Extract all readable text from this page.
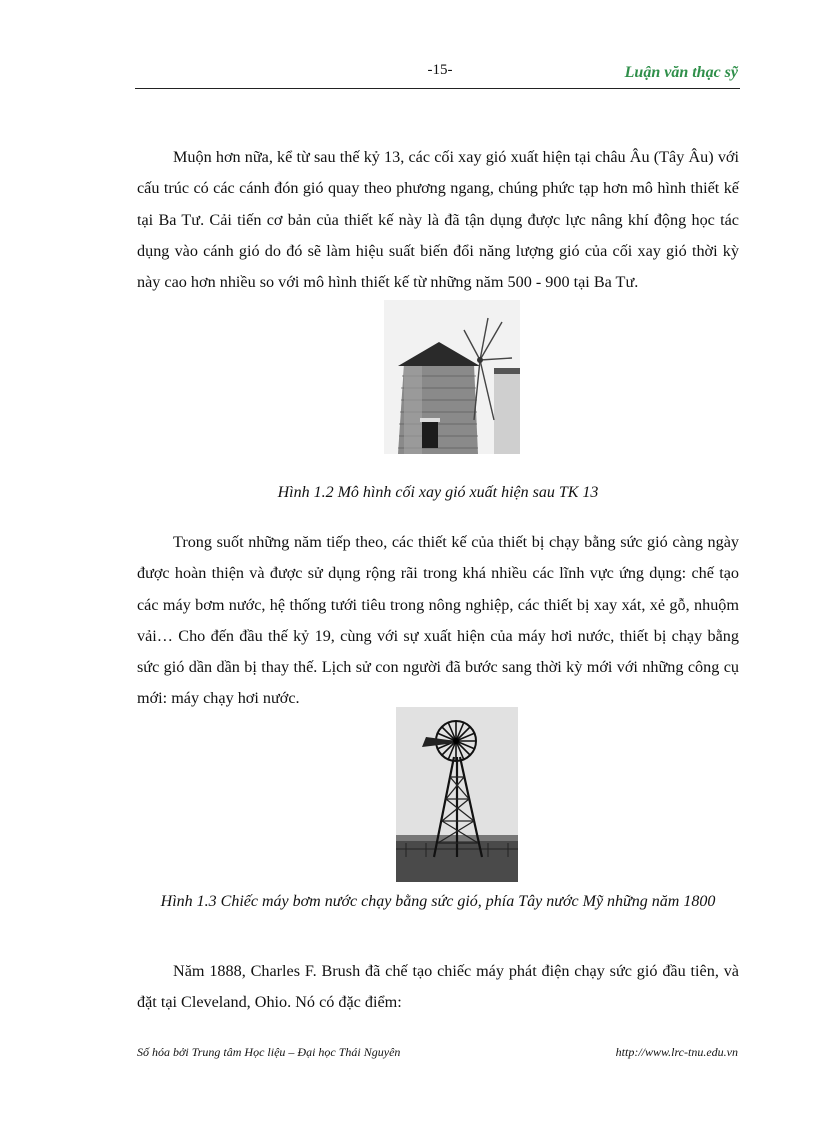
-15-	Luận văn thạc sỹ

Muộn hơn nữa, kể từ sau thế kỷ 13, các cối xay gió xuất hiện tại châu Âu (Tây Âu) với cấu trúc có các cánh đón gió quay theo phương ngang, chúng phức tạp hơn mô hình thiết kế tại Ba Tư. Cải tiến cơ bản của thiết kế này là đã tận dụng được lực nâng khí động học tác dụng vào cánh gió do đó sẽ làm hiệu suất biến đổi năng lượng gió của cối xay gió thời kỳ này cao hơn nhiều so với mô hình thiết kế từ những năm 500 - 900 tại Ba Tư.

Hình 1.2 Mô hình cối xay gió xuất hiện sau TK 13

Trong suốt những năm tiếp theo, các thiết kế của thiết bị chạy bằng sức gió càng ngày được hoàn thiện và được sử dụng rộng rãi trong khá nhiều các lĩnh vực ứng dụng: chế tạo các máy bơm nước, hệ thống tưới tiêu trong nông nghiệp, các thiết bị xay xát, xẻ gỗ, nhuộm vải… Cho đến đầu thế kỷ 19, cùng với sự xuất hiện của máy hơi nước, thiết bị chạy bằng sức gió dần dần bị thay thế. Lịch sử con người đã bước sang thời kỳ mới với những công cụ mới: máy chạy hơi nước.

Hình 1.3 Chiếc máy bơm nước chạy bằng sức gió, phía Tây nước Mỹ những năm 1800

Năm 1888, Charles F. Brush đã chế tạo chiếc máy phát điện chạy sức gió đầu tiên, và đặt tại Cleveland, Ohio. Nó có đặc điểm:

Số hóa bởi Trung tâm Học liệu – Đại học Thái Nguyên	http://www.lrc-tnu.edu.vn
